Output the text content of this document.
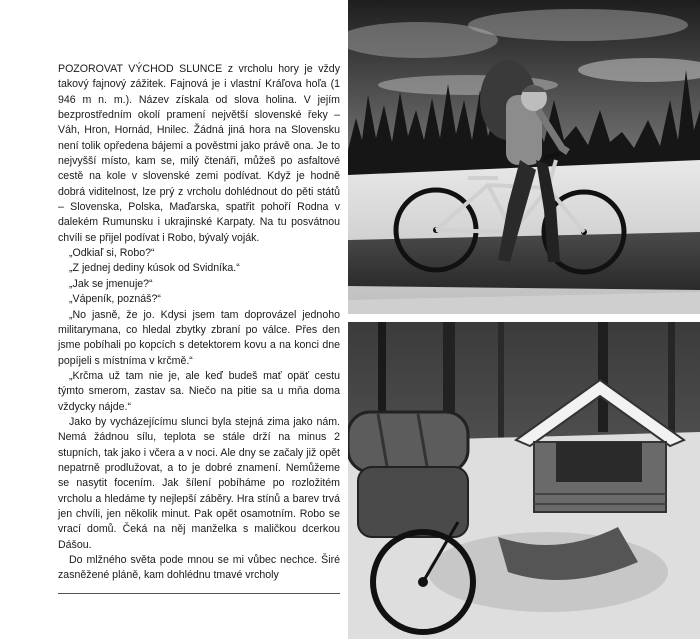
POZOROVAT VÝCHOD SLUNCE z vrcholu hory je vždy takový fajnový zážitek. Fajnová je i vlastní Kráľova hoľa (1 946 m n. m.). Název získala od slova holina. V jejím bezprostředním okolí pramení největší slovenské řeky – Váh, Hron, Hornád, Hnilec. Žádná jiná hora na Slovensku není tolik opředena bájemi a pověstmi jako právě ona. Je to nejvyšší místo, kam se, milý čtenáři, můžeš po asfaltové cestě na kole v slovenské zemi podívat. Když je hodně dobrá viditelnost, lze prý z vrcholu dohlédnout do pěti států – Slovenska, Polska, Maďarska, spatřit pohoří Rodna v dalekém Rumunsku i ukrajinské Karpaty. Na tu posvátnou chvíli se přijel podívat i Robo, bývalý voják.

„Odkiaľ si, Robo?“

„Z jednej dediny kúsok od Svidníka.“

„Jak se jmenuje?“

„Vápeník, poznáš?“

„No jasně, že jo. Kdysi jsem tam doprovázel jednoho militarymana, co hledal zbytky zbraní po válce. Přes den jsme pobíhali po kopcích s detektorem kovu a na konci dne popíjeli s místníma v krčmě.“

„Krčma už tam nie je, ale keď budeš mať opäť cestu týmto smerom, zastav sa. Niečo na pitie sa u mňa doma vždycky nájde.“

Jako by vycházejícímu slunci byla stejná zima jako nám. Nemá žádnou sílu, teplota se stále drží na minus 2 stupních, tak jako i včera a v noci. Ale dny se začaly již opět nepatrně prodlužovat, a to je dobré znamení. Nemůžeme se nasytit focením. Jak šílení pobíháme po rozložitém vrcholu a hledáme ty nejlepší záběry. Hra stínů a barev trvá jen chvíli, jen několik minut. Pak opět osamotním. Robo se vrací domů. Čeká na něj manželka s maličkou dcerkou Dášou.

Do mlžného světa pode mnou se mi vůbec nechce. Širé zasněžené pláně, kam dohlédnu tmavé vrcholy
